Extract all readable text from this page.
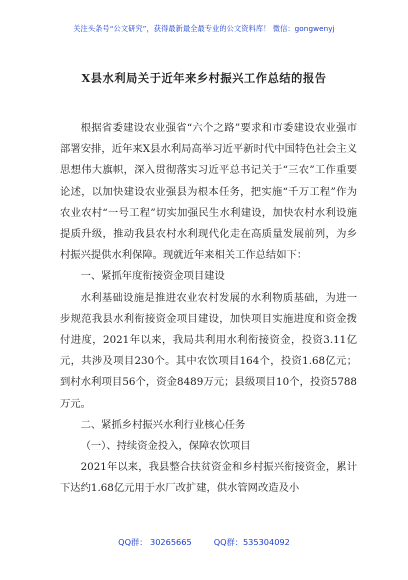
关注头条号“公文研究”，获得最新最全最专业的公文资料库！ 微信：gongwenyj
X县水利局关于近年来乡村振兴工作总结的报告

根据省委建设农业强省“六个之路”要求和市委建设农业强市部署安排，近年来X县水利局高举习近平新时代中国特色社会主义思想伟大旗帜，深入贯彻落实习近平总书记关于“三农”工作重要论述，以加快建设农业强县为根本任务，把实施“千万工程”作为农业农村“一号工程”切实加强民生水利建设，加快农村水利设施提质升级，推动我县农村水利现代化走在高质量发展前列，为乡村振兴提供水利保障。现就近年来相关工作总结如下：

一、紧抓年度衔接资金项目建设

水利基础设施是推进农业农村发展的水利物质基础，为进一步规范我县水利衔接资金项目建设，加快项目实施进度和资金拨付进度，2021年以来，我局共利用水利衔接资金，投资3.11亿元，共涉及项目230个。其中农饮项目164个，投资1.68亿元；到村水利项目56个，资金8489万元；县级项目10个，投资5788万元。

二、紧抓乡村振兴水利行业核心任务

（一）、持续资金投入，保障农饮项目

2021年以来，我县整合扶贫资金和乡村振兴衔接资金，累计下达约1.68亿元用于水厂改扩建，供水管网改造及小

QQ群： 30265665	QQ群：535304092
